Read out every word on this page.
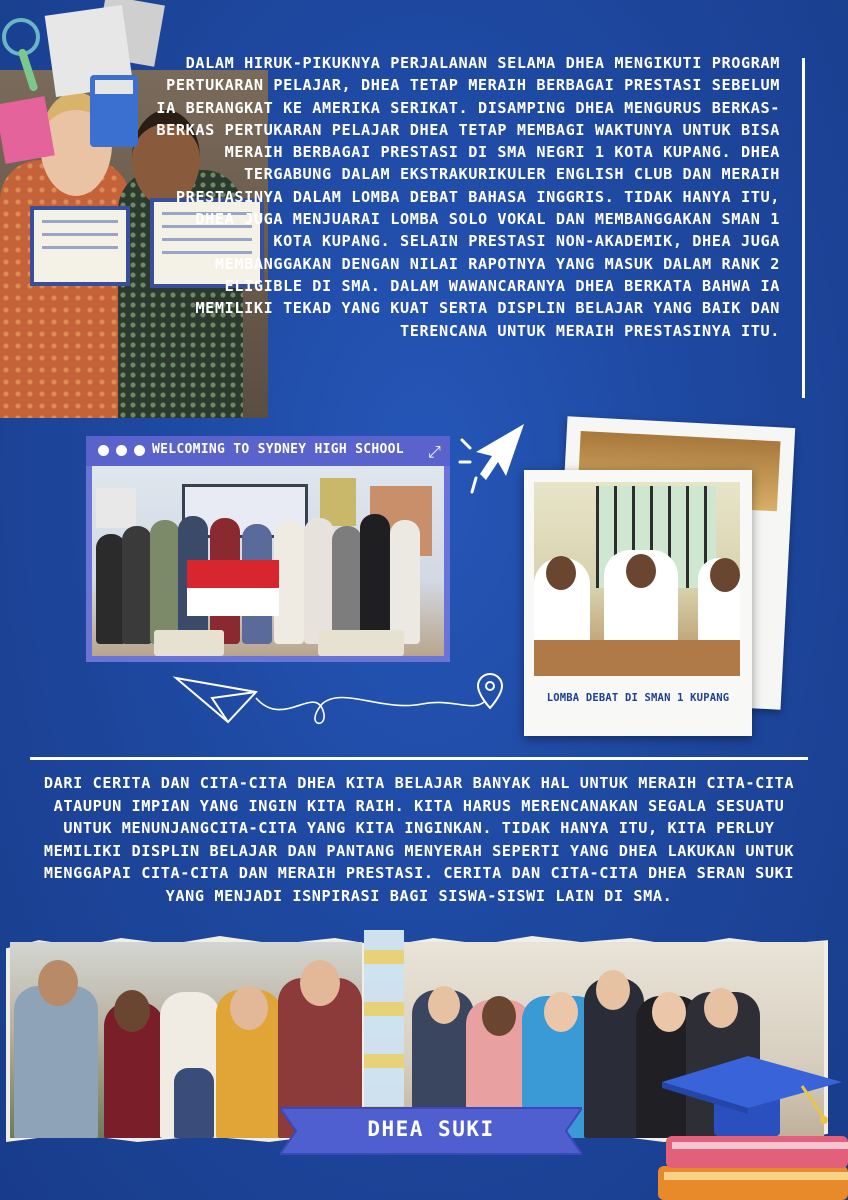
DALAM HIRUK-PIKUKNYA PERJALANAN SELAMA DHEA MENGIKUTI PROGRAM PERTUKARAN PELAJAR, DHEA TETAP MERAIH BERBAGAI PRESTASI SEBELUM IA BERANGKAT KE AMERIKA SERIKAT. DISAMPING DHEA MENGURUS BERKAS-BERKAS PERTUKARAN PELAJAR DHEA TETAP MEMBAGI WAKTUNYA UNTUK BISA MERAIH BERBAGAI PRESTASI DI SMA NEGRI 1 KOTA KUPANG. DHEA TERGABUNG DALAM EKSTRAKURIKULER ENGLISH CLUB DAN MERAIH PRESTASINYA DALAM LOMBA DEBAT BAHASA INGGRIS. TIDAK HANYA ITU, DHEA JUGA MENJUARAI LOMBA SOLO VOKAL DAN MEMBANGGAKAN SMAN 1 KOTA KUPANG. SELAIN PRESTASI NON-AKADEMIK, DHEA JUGA MEMBANGGAKAN DENGAN NILAI RAPOTNYA YANG MASUK DALAM RANK 2 ELIGIBLE DI SMA. DALAM WAWANCARANYA DHEA BERKATA BAHWA IA MEMILIKI TEKAD YANG KUAT SERTA DISPLIN BELAJAR YANG BAIK DAN TERENCANA UNTUK MERAIH PRESTASINYA ITU.
WELCOMING TO SYDNEY HIGH SCHOOL ⤢
LOMBA DEBAT DI SMAN 1 KUPANG
DARI CERITA DAN CITA-CITA DHEA KITA BELAJAR BANYAK HAL UNTUK MERAIH CITA-CITA ATAUPUN IMPIAN YANG INGIN KITA RAIH. KITA HARUS MERENCANAKAN SEGALA SESUATU UNTUK MENUNJANGCITA-CITA YANG KITA INGINKAN. TIDAK HANYA ITU, KITA PERLUY MEMILIKI DISPLIN BELAJAR DAN PANTANG MENYERAH SEPERTI YANG DHEA LAKUKAN UNTUK MENGGAPAI CITA-CITA DAN MERAIH PRESTASI. CERITA DAN CITA-CITA DHEA SERAN SUKI YANG MENJADI ISNPIRASI BAGI SISWA-SISWI LAIN DI SMA.
DHEA SUKI
